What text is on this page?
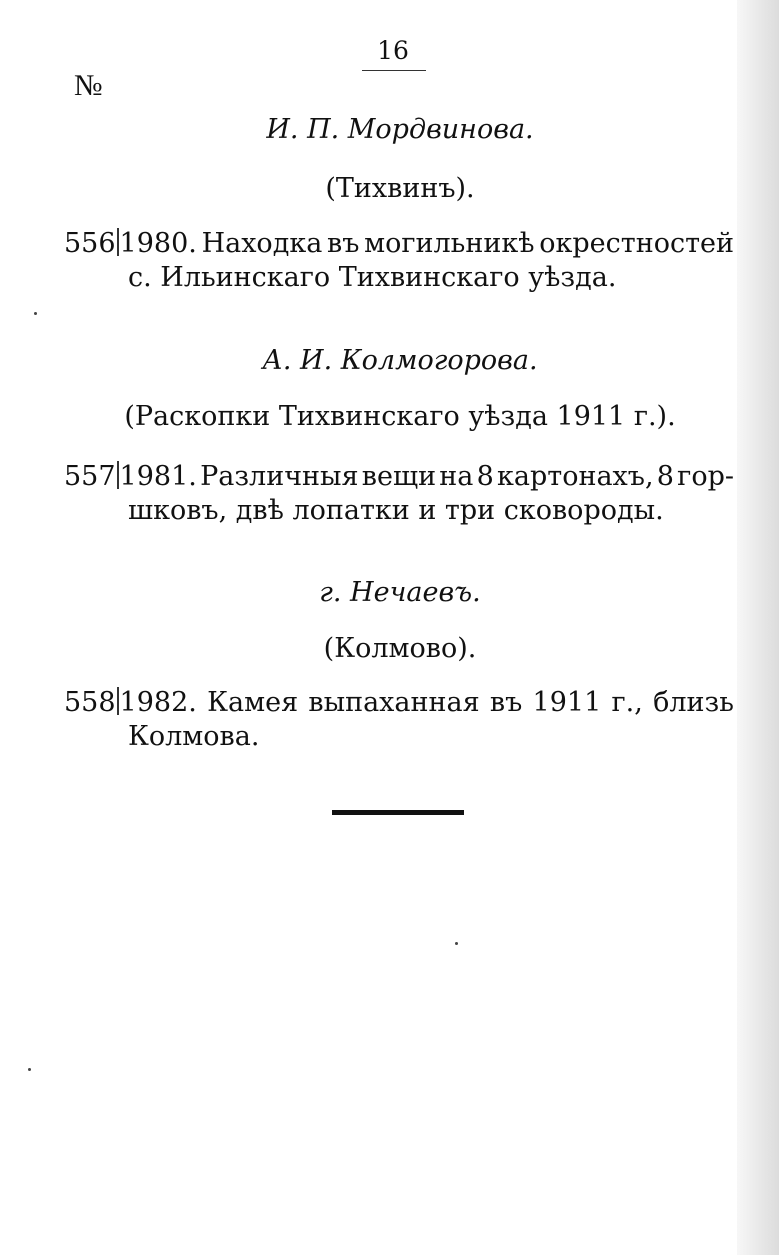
16
№
И. П. Мордвинова.
(Тихвинъ).
556 1980. Находка въ могильникѣ окрестностей
с. Ильинскаго Тихвинскаго уѣзда.
А. И. Колмогорова.
(Раскопки Тихвинскаго уѣзда 1911 г.).
557 1981. Различныя вещи на 8 картонахъ, 8 гор-
шковъ, двѣ лопатки и три сковороды.
г. Нечаевъ.
(Колмово).
558 1982. Камея выпаханная въ 1911 г., близь
Колмова.
